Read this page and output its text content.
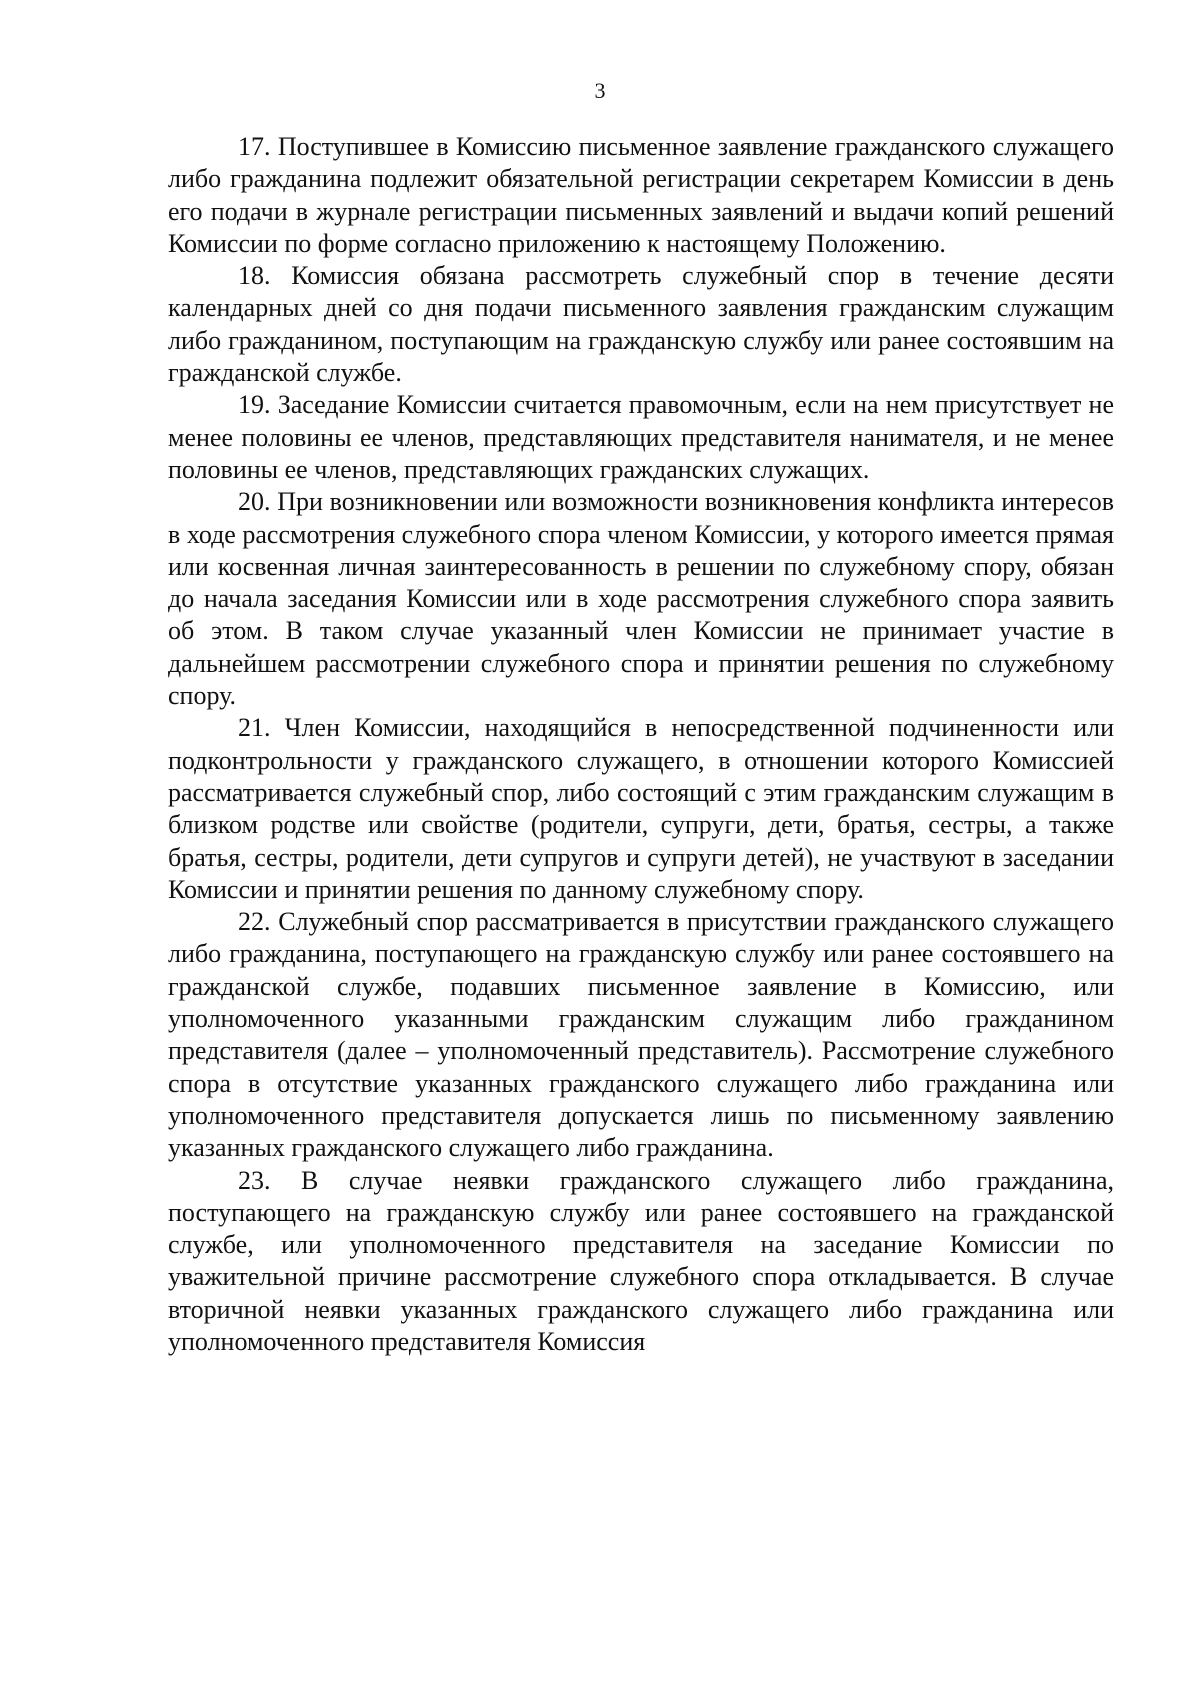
3

17. Поступившее в Комиссию письменное заявление гражданского служащего либо гражданина подлежит обязательной регистрации секретарем Комиссии в день его подачи в журнале регистрации письменных заявлений и выдачи копий решений Комиссии по форме согласно приложению к настоящему Положению.

18. Комиссия обязана рассмотреть служебный спор в течение десяти календарных дней со дня подачи письменного заявления гражданским служащим либо гражданином, поступающим на гражданскую службу или ранее состоявшим на гражданской службе.

19. Заседание Комиссии считается правомочным, если на нем присутствует не менее половины ее членов, представляющих представителя нанимателя, и не менее половины ее членов, представляющих гражданских служащих.

20. При возникновении или возможности возникновения конфликта интересов в ходе рассмотрения служебного спора членом Комиссии, у которого имеется прямая или косвенная личная заинтересованность в решении по служебному спору, обязан до начала заседания Комиссии или в ходе рассмотрения служебного спора заявить об этом. В таком случае указанный член Комиссии не принимает участие в дальнейшем рассмотрении служебного спора и принятии решения по служебному спору.

21. Член Комиссии, находящийся в непосредственной подчиненности или подконтрольности у гражданского служащего, в отношении которого Комиссией рассматривается служебный спор, либо состоящий с этим гражданским служащим в близком родстве или свойстве (родители, супруги, дети, братья, сестры, а также братья, сестры, родители, дети супругов и супруги детей), не участвуют в заседании Комиссии и принятии решения по данному служебному спору.

22. Служебный спор рассматривается в присутствии гражданского служащего либо гражданина, поступающего на гражданскую службу или ранее состоявшего на гражданской службе, подавших письменное заявление в Комиссию, или уполномоченного указанными гражданским служащим либо гражданином представителя (далее – уполномоченный представитель). Рассмотрение служебного спора в отсутствие указанных гражданского служащего либо гражданина или уполномоченного представителя допускается лишь по письменному заявлению указанных гражданского служащего либо гражданина.

23. В случае неявки гражданского служащего либо гражданина, поступающего на гражданскую службу или ранее состоявшего на гражданской службе, или уполномоченного представителя на заседание Комиссии по уважительной причине рассмотрение служебного спора откладывается. В случае вторичной неявки указанных гражданского служащего либо гражданина или уполномоченного представителя Комиссия
